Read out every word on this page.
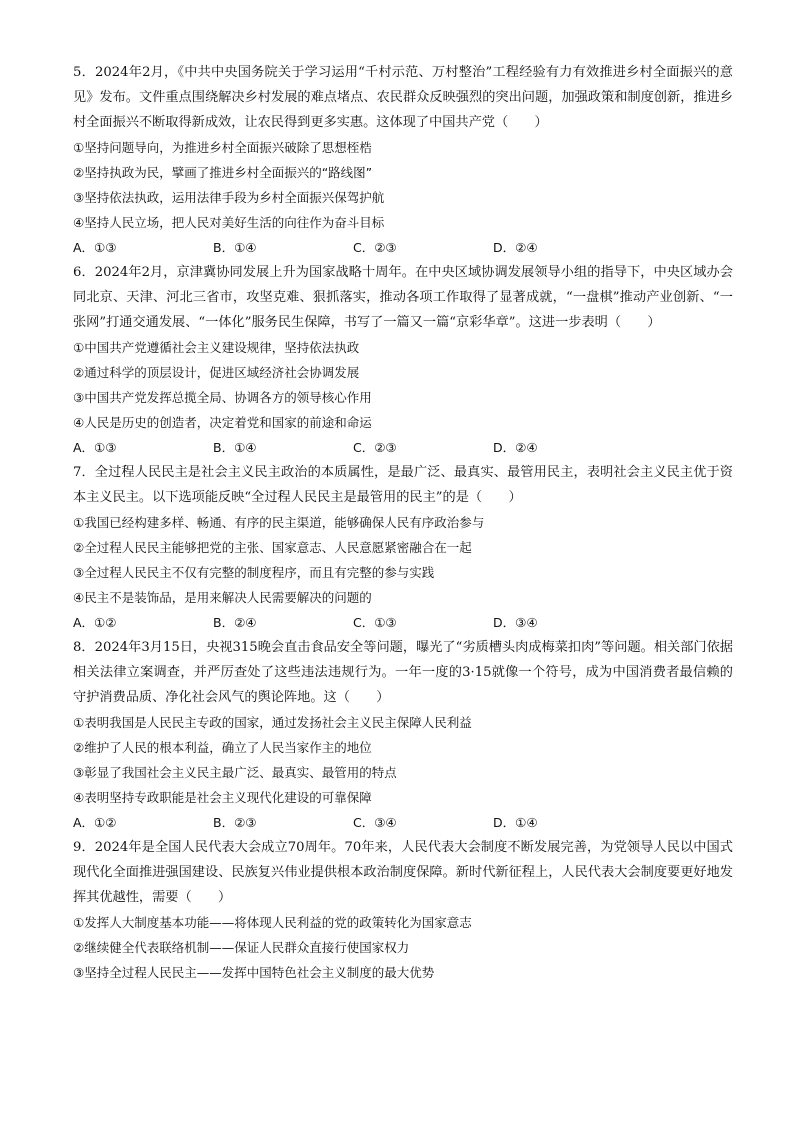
5．2024年2月，《中共中央国务院关于学习运用“千村示范、万村整治”工程经验有力有效推进乡村全面振兴的意见》发布。文件重点围绕解决乡村发展的难点堵点、农民群众反映强烈的突出问题，加强政策和制度创新，推进乡村全面振兴不断取得新成效，让农民得到更多实惠。这体现了中国共产党（　　）

①坚持问题导向，为推进乡村全面振兴破除了思想桎梏

②坚持执政为民，擘画了推进乡村全面振兴的“路线图”

③坚持依法执政，运用法律手段为乡村全面振兴保驾护航

④坚持人民立场，把人民对美好生活的向往作为奋斗目标

A．①③	B．①④	C．②③	D．②④

6．2024年2月，京津冀协同发展上升为国家战略十周年。在中央区域协调发展领导小组的指导下，中央区域办会同北京、天津、河北三省市，攻坚克难、狠抓落实，推动各项工作取得了显著成就，“一盘棋”推动产业创新、“一张网”打通交通发展、“一体化”服务民生保障，书写了一篇又一篇“京彩华章”。这进一步表明（　　）

①中国共产党遵循社会主义建设规律，坚持依法执政

②通过科学的顶层设计，促进区域经济社会协调发展

③中国共产党发挥总揽全局、协调各方的领导核心作用

④人民是历史的创造者，决定着党和国家的前途和命运

A．①③	B．①④	C．②③	D．②④

7．全过程人民民主是社会主义民主政治的本质属性，是最广泛、最真实、最管用民主，表明社会主义民主优于资本主义民主。以下选项能反映“全过程人民民主是最管用的民主”的是（　　）

①我国已经构建多样、畅通、有序的民主渠道，能够确保人民有序政治参与

②全过程人民民主能够把党的主张、国家意志、人民意愿紧密融合在一起

③全过程人民民主不仅有完整的制度程序，而且有完整的参与实践

④民主不是装饰品，是用来解决人民需要解决的问题的

A．①②	B．②④	C．①③	D．③④

8．2024年3月15日，央视315晚会直击食品安全等问题，曝光了“劣质槽头肉成梅菜扣肉”等问题。相关部门依据相关法律立案调查，并严厉查处了这些违法违规行为。一年一度的3·15就像一个符号，成为中国消费者最信赖的守护消费品质、净化社会风气的舆论阵地。这（　　）

①表明我国是人民民主专政的国家，通过发扬社会主义民主保障人民利益

②维护了人民的根本利益，确立了人民当家作主的地位

③彰显了我国社会主义民主最广泛、最真实、最管用的特点

④表明坚持专政职能是社会主义现代化建设的可靠保障

A．①②	B．②③	C．③④	D．①④

9．2024年是全国人民代表大会成立70周年。70年来，人民代表大会制度不断发展完善，为党领导人民以中国式现代化全面推进强国建设、民族复兴伟业提供根本政治制度保障。新时代新征程上，人民代表大会制度要更好地发挥其优越性，需要（　　）

①发挥人大制度基本功能——将体现人民利益的党的政策转化为国家意志

②继续健全代表联络机制——保证人民群众直接行使国家权力

③坚持全过程人民民主——发挥中国特色社会主义制度的最大优势
